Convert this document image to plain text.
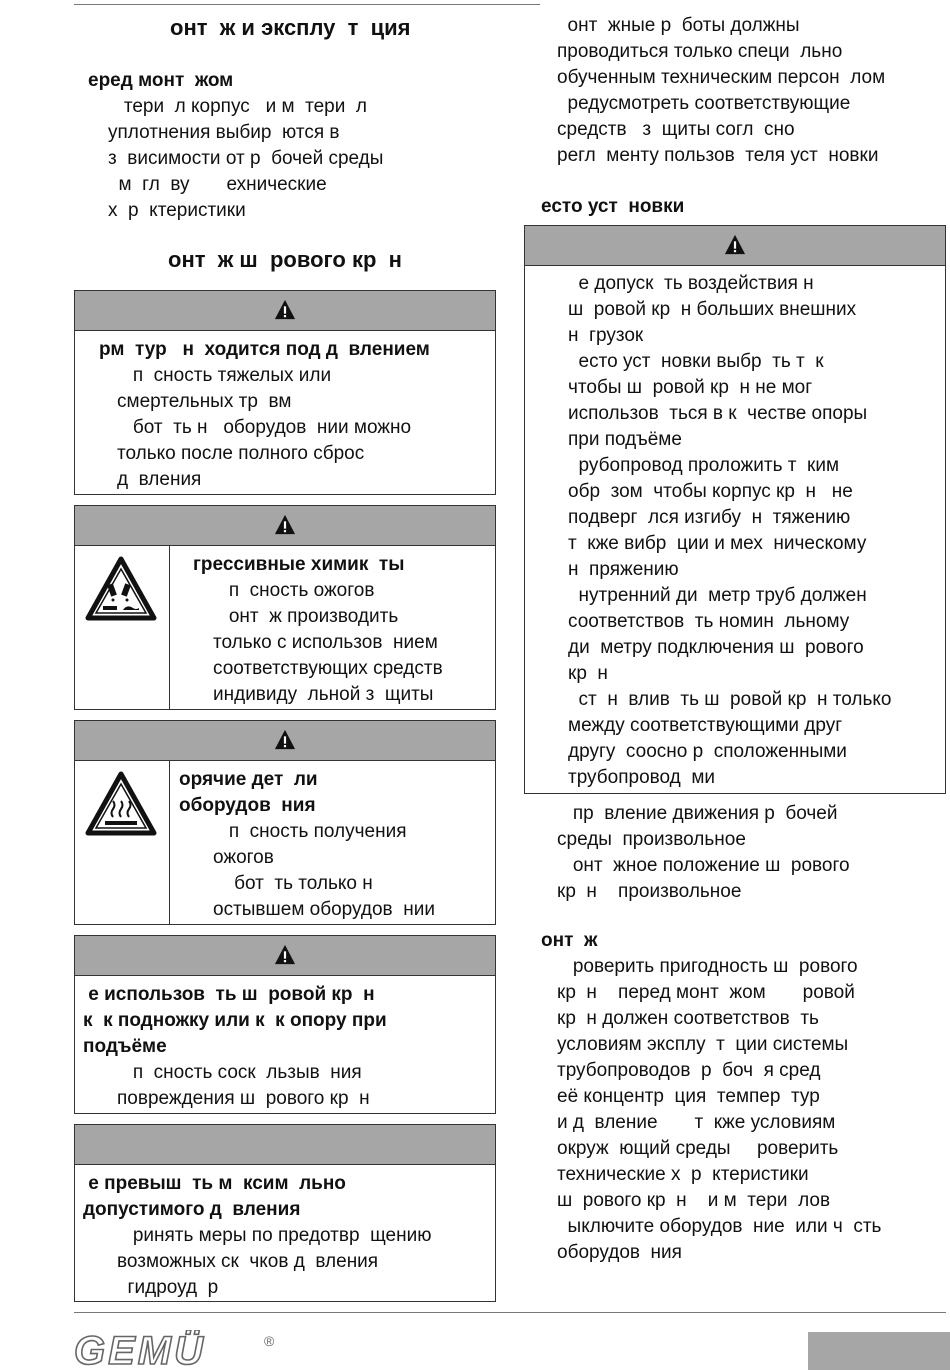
онт  ж и эксплу  т  ция
еред монт  жом
тери  л корпус   и м  тери  л
уплотнения выбир  ются в
з  висимости от р  бочей среды
м  гл  ву       ехнические
х  р  ктеристики
онт  ж ш  рового кр  н
рм  тур   н  ходится под д  влением
п  сность тяжелых или
смертельных тр  вм
бот  ть н   оборудов  нии можно
только после полного сброс
д  вления
грессивные химик  ты
п  сность ожогов
онт  ж производить
только с использов  нием
соответствующих средств
индивиду  льной з  щиты
орячие дет  ли
оборудов  ния
п  сность получения
ожогов
бот  ть только н
остывшем оборудов  нии
е использов  ть ш  ровой кр  н
к  к подножку или к  к опору при
подъёме
п  сность соск  льзыв  ния
повреждения ш  рового кр  н
е превыш  ть м  ксим  льно
допустимого д  вления
ринять меры по предотвр  щению
возможных ск  чков д  вления
гидроуд  р
онт  жные р  боты должны
проводиться только специ  льно
обученным техническим персон  лом
редусмотреть соответствующие
средств   з  щиты согл  сно
регл  менту пользов  теля уст  новки
есто уст  новки
е допуск  ть воздействия н
ш  ровой кр  н больших внешних
н  грузок
есто уст  новки выбр  ть т  к
чтобы ш  ровой кр  н не мог
использов  ться в к  честве опоры
при подъёме
рубопровод проложить т  ким
обр  зом  чтобы корпус кр  н   не
подверг  лся изгибу  н  тяжению
т  кже вибр  ции и мех  ническому
н  пряжению
нутренний ди  метр труб должен
соответствов  ть номин  льному
ди  метру подключения ш  рового
кр  н
ст  н  влив  ть ш  ровой кр  н только
между соответствующими друг
другу  соосно р  сположенными
трубопровод  ми
пр  вление движения р  бочей
среды  произвольное
онт  жное положение ш  рового
кр  н    произвольное
онт  ж
роверить пригодность ш  рового
кр  н    перед монт  жом       ровой
кр  н должен соответствов  ть
условиям эксплу  т  ции системы
трубопроводов  р  боч  я сред
её концентр  ция  темпер  тур
и д  вление       т  кже условиям
окруж  ющий среды     роверить
технические х  р  ктеристики
ш  рового кр  н    и м  тери  лов
ыключите оборудов  ние  или ч  сть
оборудов  ния
GEMÜ	®
